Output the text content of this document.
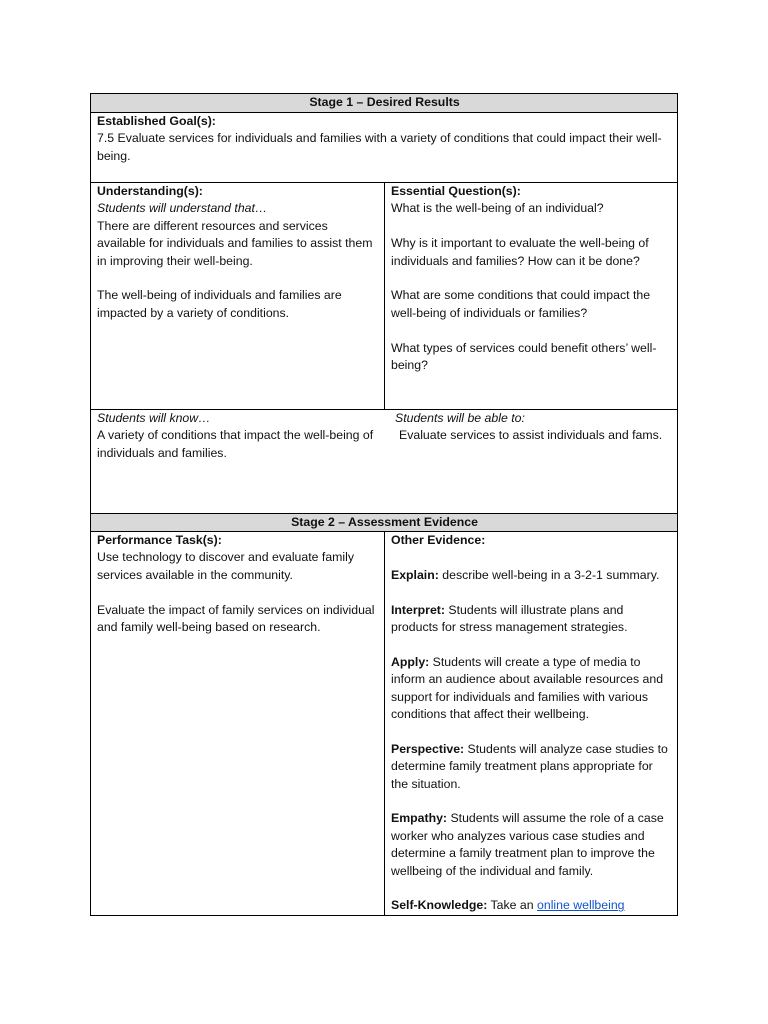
Stage 1 – Desired Results

Established Goal(s):

7.5 Evaluate services for individuals and families with a variety of conditions that could impact their well-being.

Understanding(s):

Students will understand that…

There are different resources and services available for individuals and families to assist them in improving their well-being.

The well-being of individuals and families are impacted by a variety of conditions.

Essential Question(s):

What is the well-being of an individual?

Why is it important to evaluate the well-being of individuals and families? How can it be done?

What are some conditions that could impact the well-being of individuals or families?

What types of services could benefit others’ well-being?

Students will know…

A variety of conditions that impact the well-being of individuals and families.

Students will be able to:

Evaluate services to assist individuals and fams.

Stage 2 – Assessment Evidence

Performance Task(s):

Use technology to discover and evaluate family services available in the community.

Evaluate the impact of family services on individual and family well-being based on research.

Other Evidence:

Explain: describe well-being in a 3-2-1 summary.

Interpret: Students will illustrate plans and products for stress management strategies.

Apply: Students will create a type of media to inform an audience about available resources and support for individuals and families with various conditions that affect their wellbeing.

Perspective: Students will analyze case studies to determine family treatment plans appropriate for the situation.

Empathy: Students will assume the role of a case worker who analyzes various case studies and determine a family treatment plan to improve the wellbeing of the individual and family.

Self-Knowledge: Take an online wellbeing
